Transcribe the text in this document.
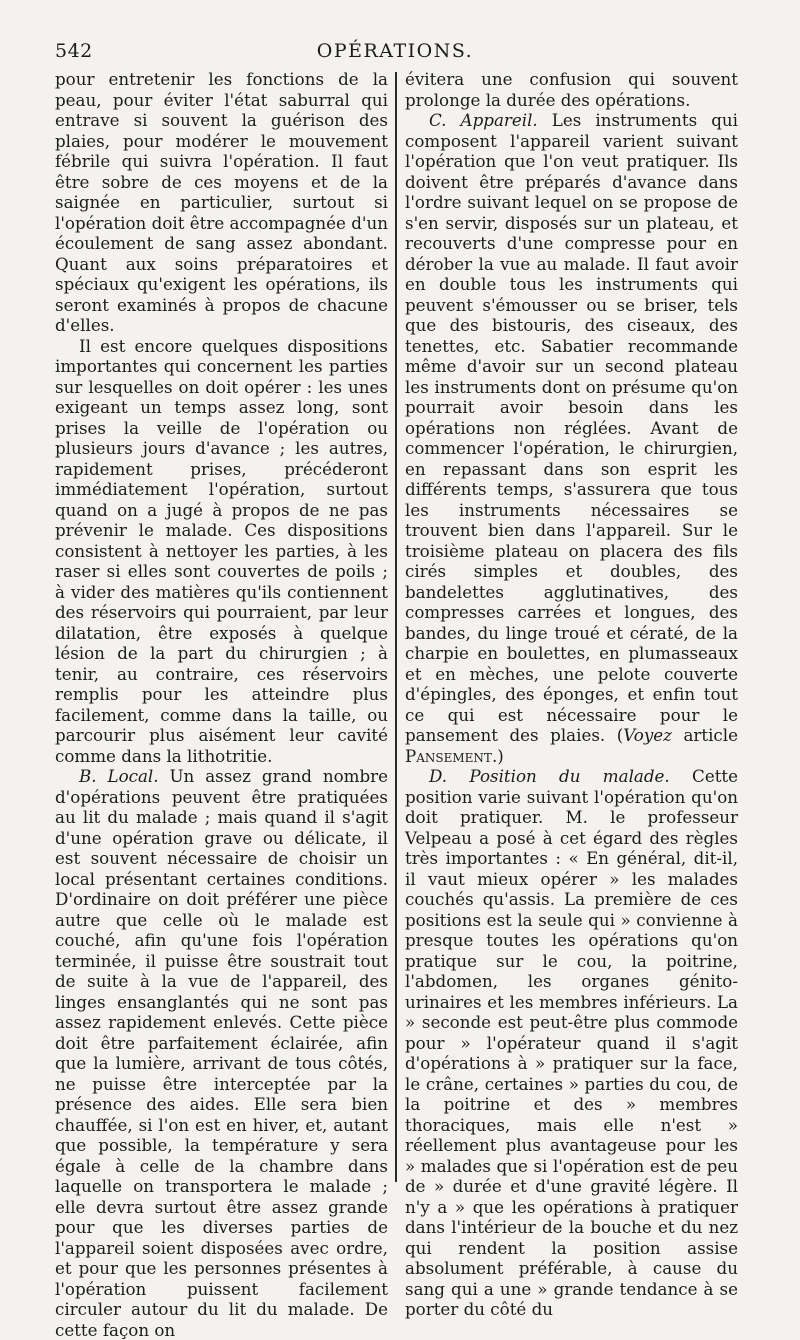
542	OPÉRATIONS.

pour entretenir les fonctions de la peau, pour éviter l'état saburral qui entrave si souvent la guérison des plaies, pour modérer le mouvement fébrile qui suivra l'opération. Il faut être sobre de ces moyens et de la saignée en particulier, surtout si l'opération doit être accompagnée d'un écoulement de sang assez abondant. Quant aux soins préparatoires et spéciaux qu'exigent les opérations, ils seront examinés à propos de chacune d'elles.

Il est encore quelques dispositions importantes qui concernent les parties sur lesquelles on doit opérer : les unes exigeant un temps assez long, sont prises la veille de l'opération ou plusieurs jours d'avance ; les autres, rapidement prises, précéderont immédiatement l'opération, surtout quand on a jugé à propos de ne pas prévenir le malade. Ces dispositions consistent à nettoyer les parties, à les raser si elles sont couvertes de poils ; à vider des matières qu'ils contiennent des réservoirs qui pourraient, par leur dilatation, être exposés à quelque lésion de la part du chirurgien ; à tenir, au contraire, ces réservoirs remplis pour les atteindre plus facilement, comme dans la taille, ou parcourir plus aisément leur cavité comme dans la lithotritie.

B. Local. Un assez grand nombre d'opérations peuvent être pratiquées au lit du malade ; mais quand il s'agit d'une opération grave ou délicate, il est souvent nécessaire de choisir un local présentant certaines conditions. D'ordinaire on doit préférer une pièce autre que celle où le malade est couché, afin qu'une fois l'opération terminée, il puisse être soustrait tout de suite à la vue de l'appareil, des linges ensanglantés qui ne sont pas assez rapidement enlevés. Cette pièce doit être parfaitement éclairée, afin que la lumière, arrivant de tous côtés, ne puisse être interceptée par la présence des aides. Elle sera bien chauffée, si l'on est en hiver, et, autant que possible, la température y sera égale à celle de la chambre dans laquelle on transportera le malade ; elle devra surtout être assez grande pour que les diverses parties de l'appareil soient disposées avec ordre, et pour que les personnes présentes à l'opération puissent facilement circuler autour du lit du malade. De cette façon on

évitera une confusion qui souvent prolonge la durée des opérations.

C. Appareil. Les instruments qui composent l'appareil varient suivant l'opération que l'on veut pratiquer. Ils doivent être préparés d'avance dans l'ordre suivant lequel on se propose de s'en servir, disposés sur un plateau, et recouverts d'une compresse pour en dérober la vue au malade. Il faut avoir en double tous les instruments qui peuvent s'émousser ou se briser, tels que des bistouris, des ciseaux, des tenettes, etc. Sabatier recommande même d'avoir sur un second plateau les instruments dont on présume qu'on pourrait avoir besoin dans les opérations non réglées. Avant de commencer l'opération, le chirurgien, en repassant dans son esprit les différents temps, s'assurera que tous les instruments nécessaires se trouvent bien dans l'appareil. Sur le troisième plateau on placera des fils cirés simples et doubles, des bandelettes agglutinatives, des compresses carrées et longues, des bandes, du linge troué et cératé, de la charpie en boulettes, en plumasseaux et en mèches, une pelote couverte d'épingles, des éponges, et enfin tout ce qui est nécessaire pour le pansement des plaies. (Voyez article Pansement.)

D. Position du malade. Cette position varie suivant l'opération qu'on doit pratiquer. M. le professeur Velpeau a posé à cet égard des règles très importantes : « En général, dit-il, il vaut mieux opérer » les malades couchés qu'assis. La première de ces positions est la seule qui » convienne à presque toutes les opérations qu'on pratique sur le cou, la poitrine, l'abdomen, les organes génito-urinaires et les membres inférieurs. La » seconde est peut-être plus commode pour » l'opérateur quand il s'agit d'opérations à » pratiquer sur la face, le crâne, certaines » parties du cou, de la poitrine et des » membres thoraciques, mais elle n'est » réellement plus avantageuse pour les » malades que si l'opération est de peu de » durée et d'une gravité légère. Il n'y a » que les opérations à pratiquer dans l'intérieur de la bouche et du nez qui rendent la position assise absolument préférable, à cause du sang qui a une » grande tendance à se porter du côté du
